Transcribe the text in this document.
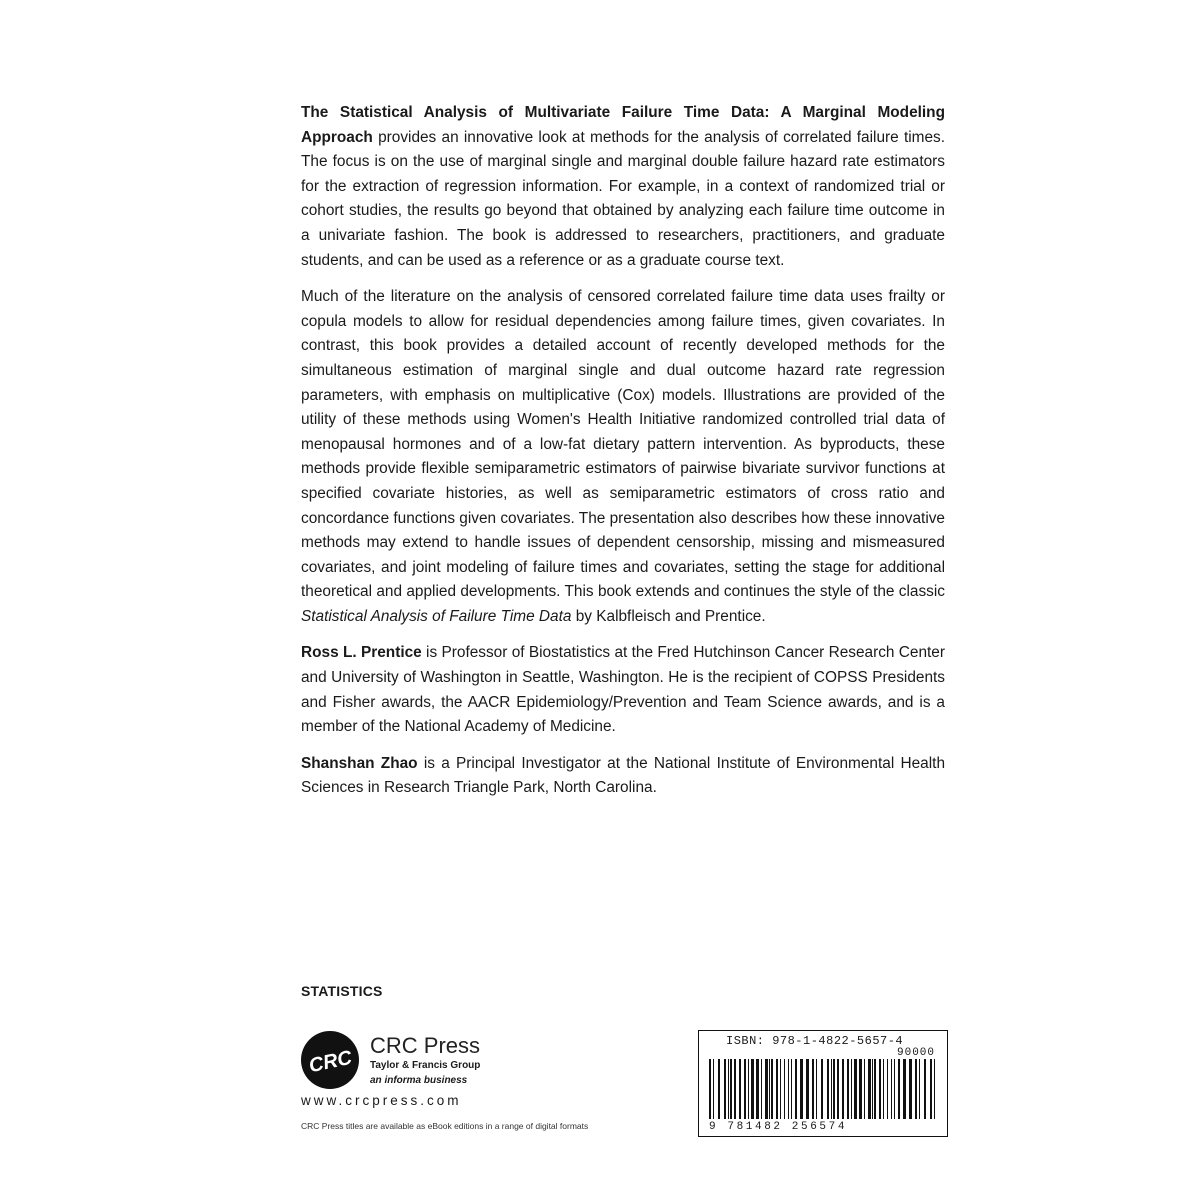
The Statistical Analysis of Multivariate Failure Time Data: A Marginal Modeling Approach provides an innovative look at methods for the analysis of correlated failure times. The focus is on the use of marginal single and marginal double failure hazard rate estimators for the extraction of regression information. For example, in a context of randomized trial or cohort studies, the results go beyond that obtained by analyzing each failure time outcome in a univariate fashion. The book is addressed to researchers, practitioners, and graduate students, and can be used as a reference or as a graduate course text.

Much of the literature on the analysis of censored correlated failure time data uses frailty or copula models to allow for residual dependencies among failure times, given covariates. In contrast, this book provides a detailed account of recently developed methods for the simultaneous estimation of marginal single and dual outcome hazard rate regression parameters, with emphasis on multiplicative (Cox) models. Illustrations are provided of the utility of these methods using Women's Health Initiative randomized controlled trial data of menopausal hormones and of a low-fat dietary pattern intervention. As byproducts, these methods provide flexible semiparametric estimators of pairwise bivariate survivor functions at specified covariate histories, as well as semiparametric estimators of cross ratio and concordance functions given covariates. The presentation also describes how these innovative methods may extend to handle issues of dependent censorship, missing and mismeasured covariates, and joint modeling of failure times and covariates, setting the stage for additional theoretical and applied developments. This book extends and continues the style of the classic Statistical Analysis of Failure Time Data by Kalbfleisch and Prentice.

Ross L. Prentice is Professor of Biostatistics at the Fred Hutchinson Cancer Research Center and University of Washington in Seattle, Washington. He is the recipient of COPSS Presidents and Fisher awards, the AACR Epidemiology/Prevention and Team Science awards, and is a member of the National Academy of Medicine.

Shanshan Zhao is a Principal Investigator at the National Institute of Environmental Health Sciences in Research Triangle Park, North Carolina.

STATISTICS
CRC
CRC Press
Taylor & Francis Group
an informa business
www.crcpress.com
CRC Press titles are available as eBook editions in a range of digital formats
ISBN: 978-1-4822-5657-4
90000
9 781482 256574
